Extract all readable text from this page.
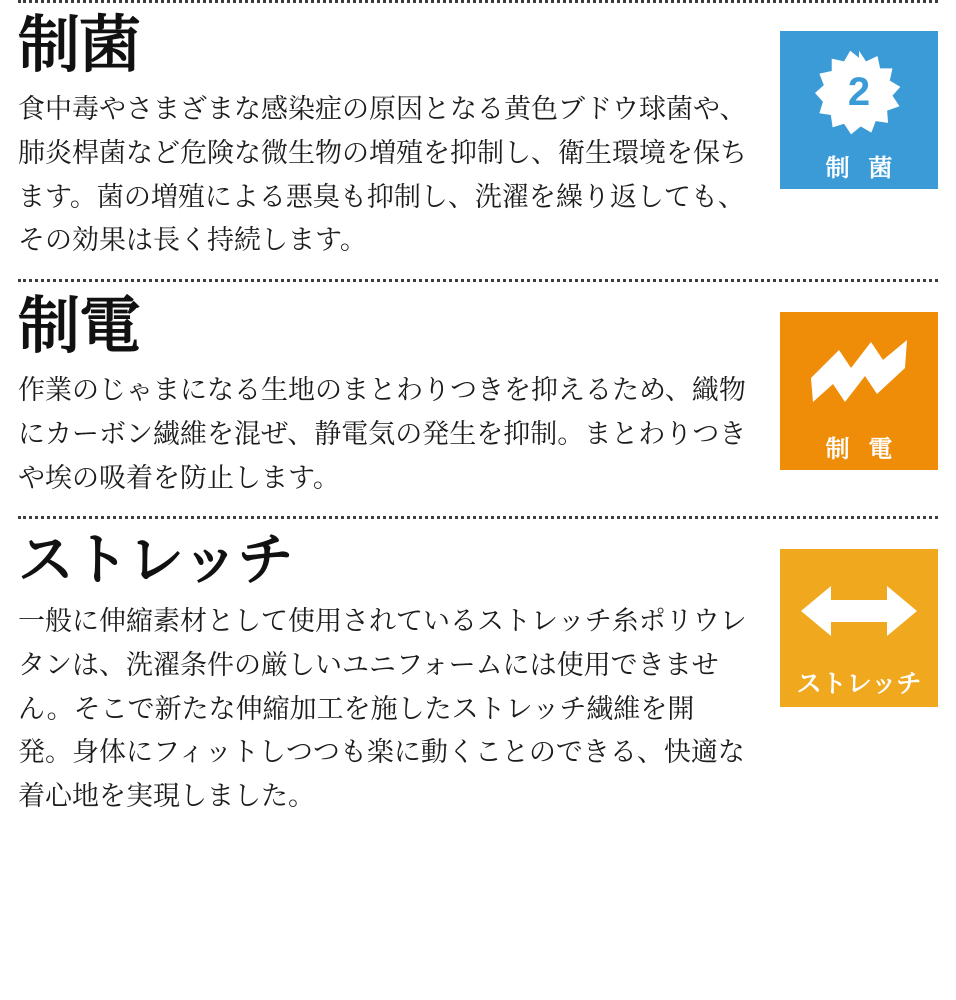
制菌

食中毒やさまざまな感染症の原因となる黄色ブドウ球菌や、肺炎桿菌など危険な微生物の増殖を抑制し、衛生環境を保ちます。菌の増殖による悪臭も抑制し、洗濯を繰り返しても、その効果は長く持続します。

2
制 菌
制電

作業のじゃまになる生地のまとわりつきを抑えるため、織物にカーボン繊維を混ぜ、静電気の発生を抑制。まとわりつきや埃の吸着を防止します。

制 電
ストレッチ

一般に伸縮素材として使用されているストレッチ糸ポリウレタンは、洗濯条件の厳しいユニフォームには使用できません。そこで新たな伸縮加工を施したストレッチ繊維を開発。身体にフィットしつつも楽に動くことのできる、快適な着心地を実現しました。

ストレッチ
